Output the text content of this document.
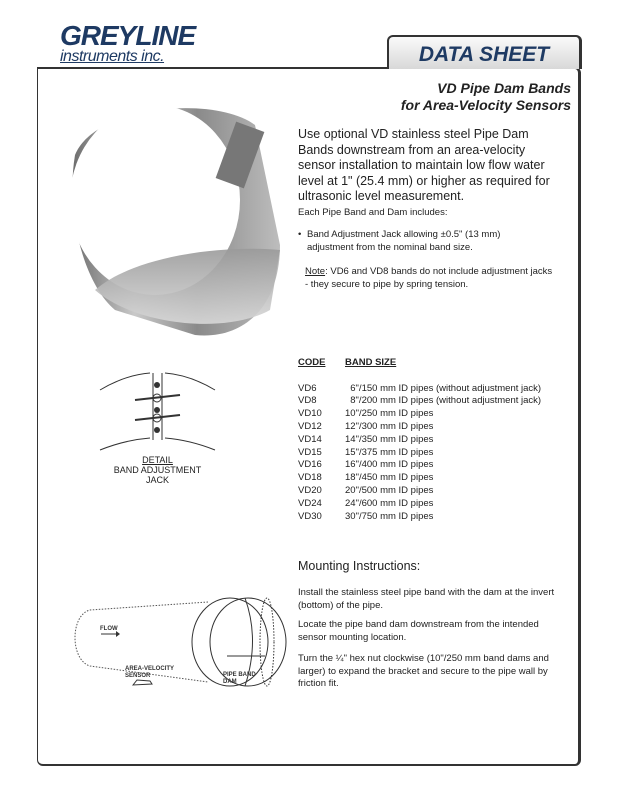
GREYLINE
instruments inc.	DATA SHEET
VD Pipe Dam Bands
for Area-Velocity Sensors
Use optional VD stainless steel Pipe Dam Bands downstream from an area-velocity sensor installation to maintain low flow water level at 1" (25.4 mm) or higher as required for ultrasonic level measurement.
Each Pipe Band and Dam includes:
• Band Adjustment Jack allowing ±0.5" (13 mm) adjustment from the nominal band size.
Note: VD6 and VD8 bands do not include adjustment jacks - they secure to pipe by spring tension.
DETAIL
BAND ADJUSTMENT
JACK
CODE	BAND SIZE

VD6	6"/150 mm ID pipes (without adjustment jack)
VD8	8"/200 mm ID pipes (without adjustment jack)
VD10	10"/250 mm ID pipes
VD12	12"/300 mm ID pipes
VD14	14"/350 mm ID pipes
VD15	15"/375 mm ID pipes
VD16	16"/400 mm ID pipes
VD18	18"/450 mm ID pipes
VD20	20"/500 mm ID pipes
VD24	24"/600 mm ID pipes
VD30	30"/750 mm ID pipes
Mounting Instructions:
Install the stainless steel pipe band with the dam at the invert (bottom) of the pipe.
Locate the pipe band dam downstream from the intended sensor mounting location.
Turn the ¼" hex nut clockwise (10"/250 mm band dams and larger) to expand the bracket and secure to the pipe wall by friction fit.
FLOW
AREA-VELOCITY
SENSOR	PIPE BAND
DAM
